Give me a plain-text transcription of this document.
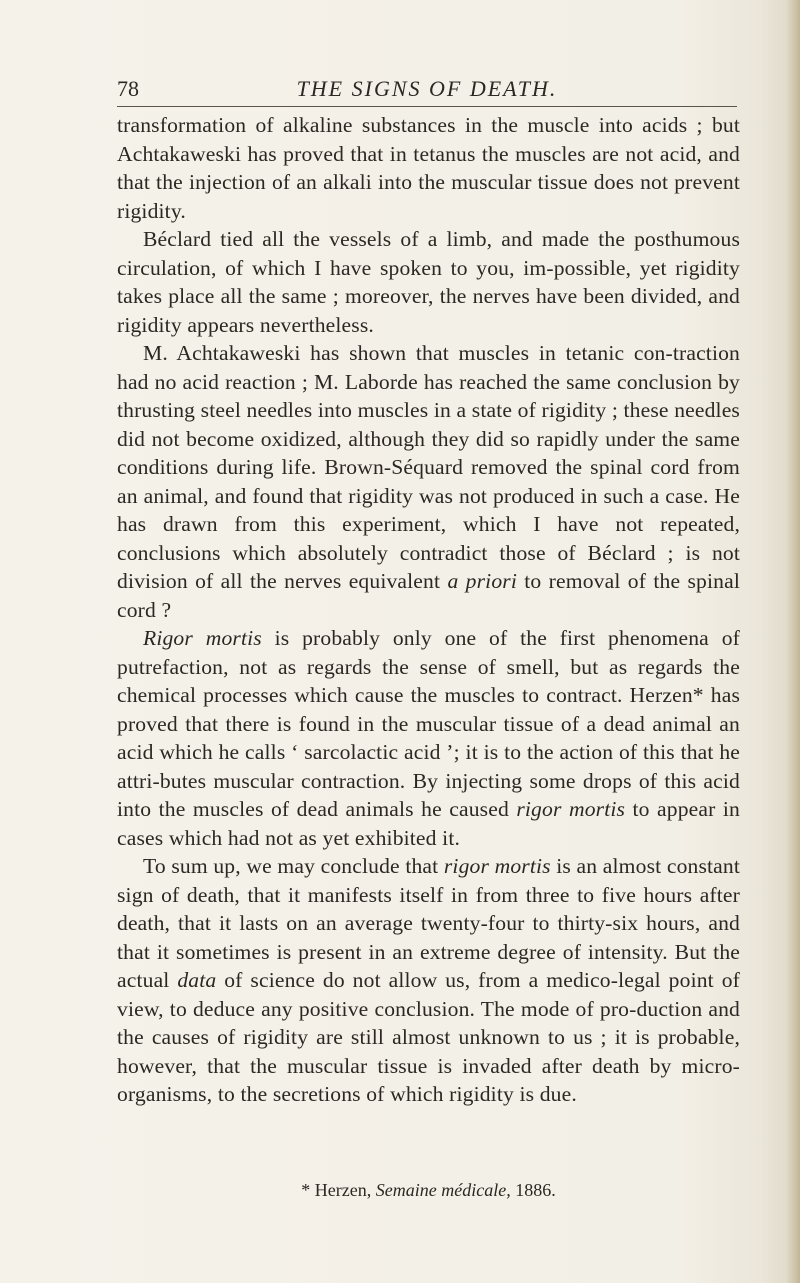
78	THE SIGNS OF DEATH.

transformation of alkaline substances in the muscle into acids ; but Achtakaweski has proved that in tetanus the muscles are not acid, and that the injection of an alkali into the muscular tissue does not prevent rigidity.

Béclard tied all the vessels of a limb, and made the posthumous circulation, of which I have spoken to you, im-possible, yet rigidity takes place all the same ; moreover, the nerves have been divided, and rigidity appears nevertheless.

M. Achtakaweski has shown that muscles in tetanic con-traction had no acid reaction ; M. Laborde has reached the same conclusion by thrusting steel needles into muscles in a state of rigidity ; these needles did not become oxidized, although they did so rapidly under the same conditions during life. Brown-Séquard removed the spinal cord from an animal, and found that rigidity was not produced in such a case. He has drawn from this experiment, which I have not repeated, conclusions which absolutely contradict those of Béclard ; is not division of all the nerves equivalent a priori to removal of the spinal cord ?

Rigor mortis is probably only one of the first phenomena of putrefaction, not as regards the sense of smell, but as regards the chemical processes which cause the muscles to contract. Herzen* has proved that there is found in the muscular tissue of a dead animal an acid which he calls ‘ sarcolactic acid ’; it is to the action of this that he attri-butes muscular contraction. By injecting some drops of this acid into the muscles of dead animals he caused rigor mortis to appear in cases which had not as yet exhibited it.

To sum up, we may conclude that rigor mortis is an almost constant sign of death, that it manifests itself in from three to five hours after death, that it lasts on an average twenty-four to thirty-six hours, and that it sometimes is present in an extreme degree of intensity. But the actual data of science do not allow us, from a medico-legal point of view, to deduce any positive conclusion. The mode of pro-duction and the causes of rigidity are still almost unknown to us ; it is probable, however, that the muscular tissue is invaded after death by micro-organisms, to the secretions of which rigidity is due.

* Herzen, Semaine médicale, 1886.
